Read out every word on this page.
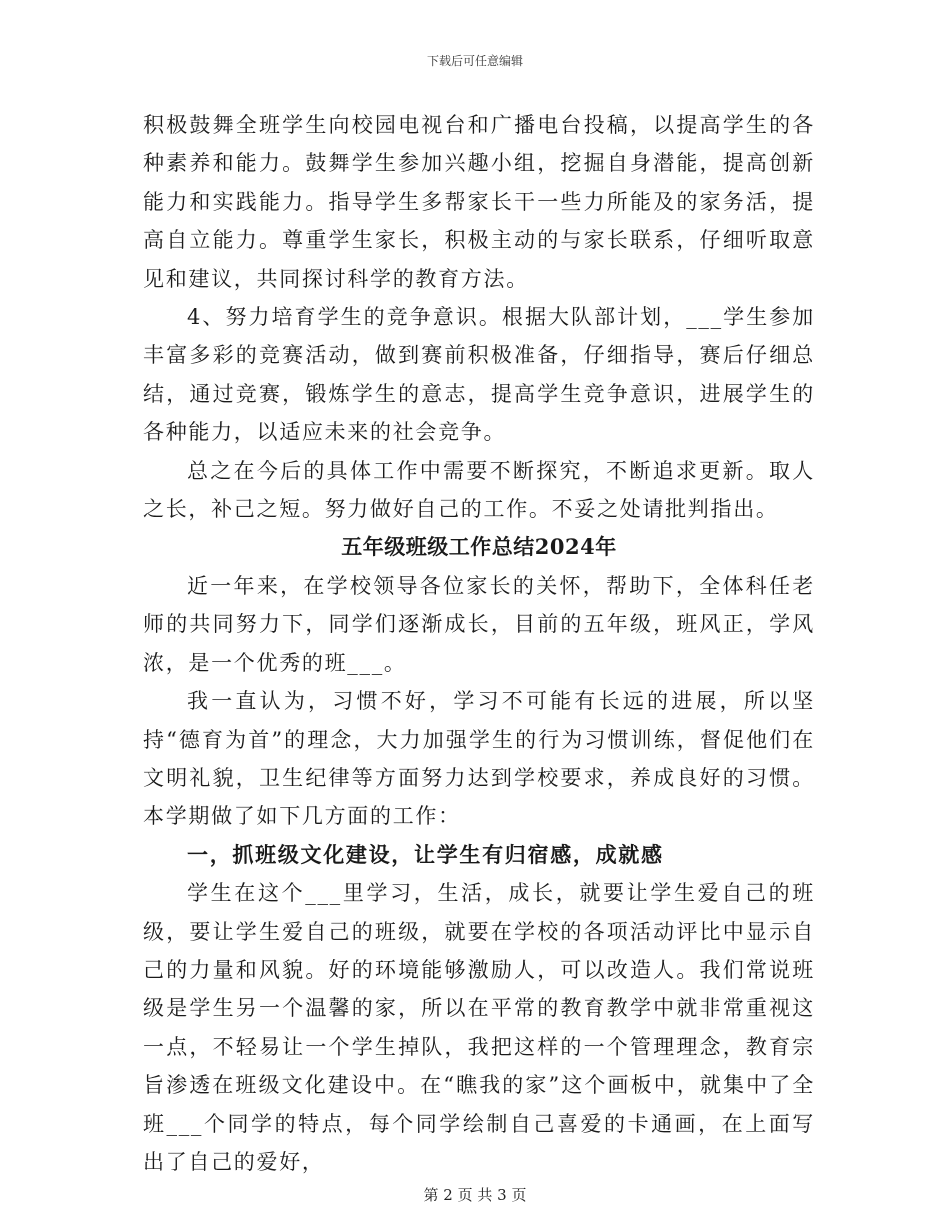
下载后可任意编辑

积极鼓舞全班学生向校园电视台和广播电台投稿，以提高学生的各种素养和能力。鼓舞学生参加兴趣小组，挖掘自身潜能，提高创新能力和实践能力。指导学生多帮家长干一些力所能及的家务活，提高自立能力。尊重学生家长，积极主动的与家长联系，仔细听取意见和建议，共同探讨科学的教育方法。

4、努力培育学生的竞争意识。根据大队部计划，___学生参加丰富多彩的竞赛活动，做到赛前积极准备，仔细指导，赛后仔细总结，通过竞赛，锻炼学生的意志，提高学生竞争意识，进展学生的各种能力，以适应未来的社会竞争。

总之在今后的具体工作中需要不断探究，不断追求更新。取人之长，补己之短。努力做好自己的工作。不妥之处请批判指出。

五年级班级工作总结2024年

近一年来，在学校领导各位家长的关怀，帮助下，全体科任老师的共同努力下，同学们逐渐成长，目前的五年级，班风正，学风浓，是一个优秀的班___。

我一直认为，习惯不好，学习不可能有长远的进展，所以坚持“德育为首”的理念，大力加强学生的行为习惯训练，督促他们在文明礼貌，卫生纪律等方面努力达到学校要求，养成良好的习惯。本学期做了如下几方面的工作：

一，抓班级文化建设，让学生有归宿感，成就感

学生在这个___里学习，生活，成长，就要让学生爱自己的班级，要让学生爱自己的班级，就要在学校的各项活动评比中显示自己的力量和风貌。好的环境能够激励人，可以改造人。我们常说班级是学生另一个温馨的家，所以在平常的教育教学中就非常重视这一点，不轻易让一个学生掉队，我把这样的一个管理理念，教育宗旨渗透在班级文化建设中。在“瞧我的家”这个画板中，就集中了全班___个同学的特点，每个同学绘制自己喜爱的卡通画，在上面写出了自己的爱好，

第 2 页 共 3 页
